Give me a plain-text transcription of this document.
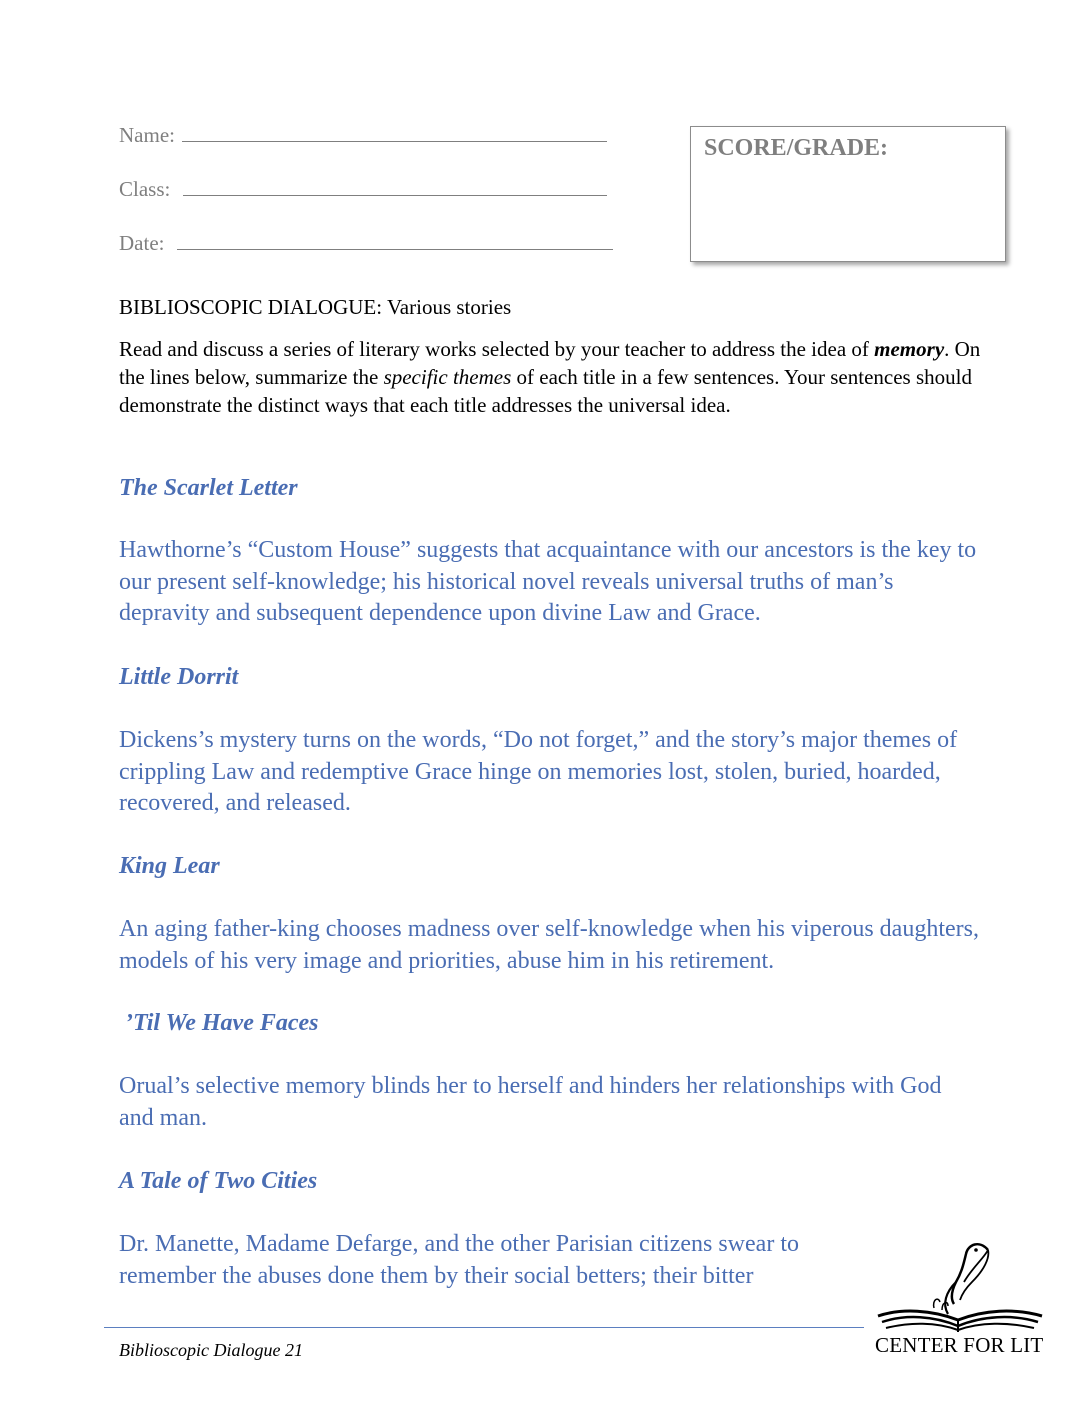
Name:
Class:
Date:
SCORE/GRADE:
BIBLIOSCOPIC DIALOGUE: Various stories
Read and discuss a series of literary works selected by your teacher to address the idea of memory. On the lines below, summarize the specific themes of each title in a few sentences. Your sentences should demonstrate the distinct ways that each title addresses the universal idea.
The Scarlet Letter
Hawthorne’s “Custom House” suggests that acquaintance with our ancestors is the key to our present self-knowledge; his historical novel reveals universal truths of man’s depravity and subsequent dependence upon divine Law and Grace.
Little Dorrit
Dickens’s mystery turns on the words, “Do not forget,” and the story’s major themes of crippling Law and redemptive Grace hinge on memories lost, stolen, buried, hoarded, recovered, and released.
King Lear
An aging father-king chooses madness over self-knowledge when his viperous daughters, models of his very image and priorities, abuse him in his retirement.
’Til We Have Faces
Orual’s selective memory blinds her to herself and hinders her relationships with God and man.
A Tale of Two Cities
Dr. Manette, Madame Defarge, and the other Parisian citizens swear to remember the abuses done them by their social betters; their bitter
Biblioscopic Dialogue 21	CENTER FOR LIT
